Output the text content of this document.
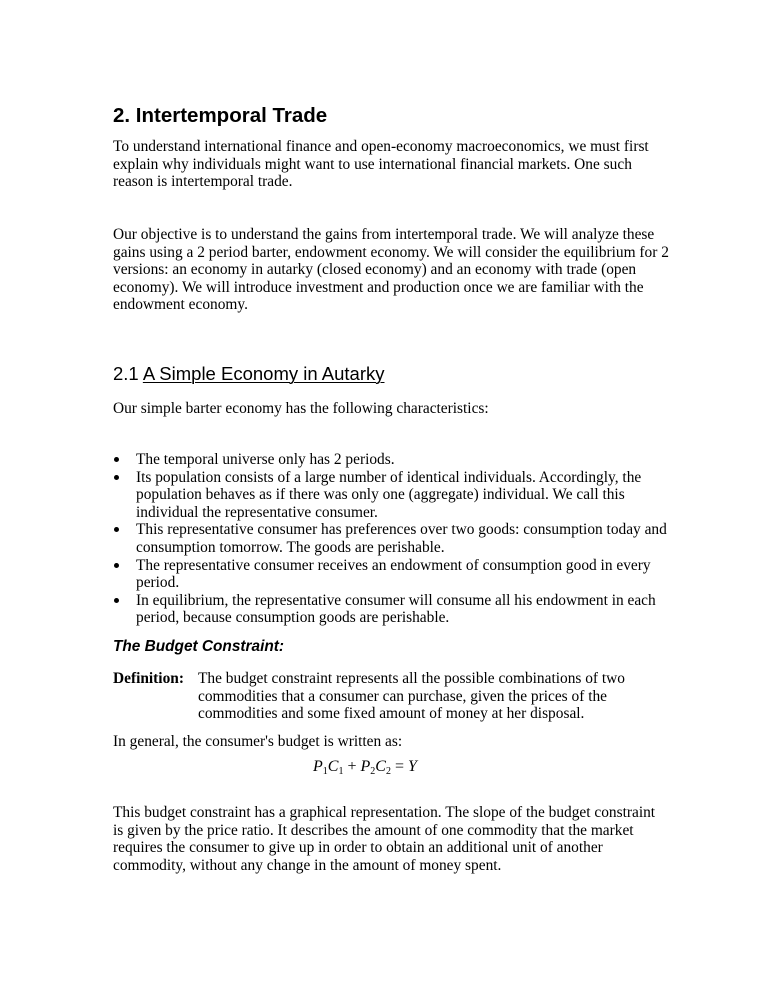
2. Intertemporal Trade

To understand international finance and open-economy macroeconomics, we must first explain why individuals might want to use international financial markets. One such reason is intertemporal trade.

Our objective is to understand the gains from intertemporal trade. We will analyze these gains using a 2 period barter, endowment economy. We will consider the equilibrium for 2 versions: an economy in autarky (closed economy) and an economy with trade (open economy). We will introduce investment and production once we are familiar with the endowment economy.

2.1 A Simple Economy in Autarky

Our simple barter economy has the following characteristics:

The temporal universe only has 2 periods.
Its population consists of a large number of identical individuals. Accordingly, the population behaves as if there was only one (aggregate) individual. We call this individual the representative consumer.
This representative consumer has preferences over two goods: consumption today and consumption tomorrow. The goods are perishable.
The representative consumer receives an endowment of consumption good in every period.
In equilibrium, the representative consumer will consume all his endowment in each period, because consumption goods are perishable.
The Budget Constraint:
Definition: The budget constraint represents all the possible combinations of two commodities that a consumer can purchase, given the prices of the commodities and some fixed amount of money at her disposal.

In general, the consumer's budget is written as:

$P_1C_1 + P_2C_2 = Y$

This budget constraint has a graphical representation. The slope of the budget constraint is given by the price ratio. It describes the amount of one commodity that the market requires the consumer to give up in order to obtain an additional unit of another commodity, without any change in the amount of money spent.
